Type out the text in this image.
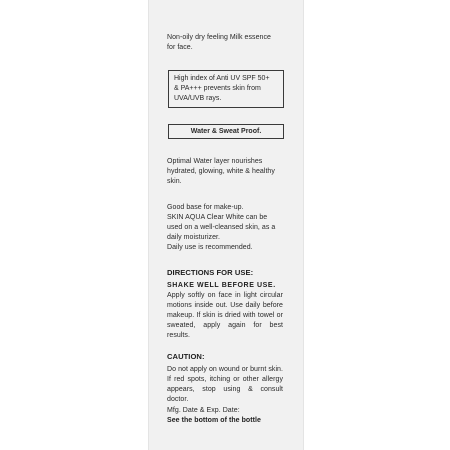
Non-oily dry feeling Milk essence
for face.
High index of Anti UV SPF 50+
& PA+++ prevents skin from
UVA/UVB rays.
Water & Sweat Proof.
Optimal Water layer nourishes
hydrated, glowing, white & healthy
skin.
Good base for make-up.
SKIN AQUA Clear White can be
used on a well-cleansed skin, as a
daily moisturizer.
Daily use is recommended.
DIRECTIONS FOR USE:
SHAKE WELL BEFORE USE.
Apply softly on face in light circular motions inside out. Use daily before makeup. If skin is dried with towel or sweated, apply again for best results.
CAUTION:
Do not apply on wound or burnt skin. If red spots, itching or other allergy appears, stop using & consult doctor.
Mfg. Date & Exp. Date:
See the bottom of the bottle
